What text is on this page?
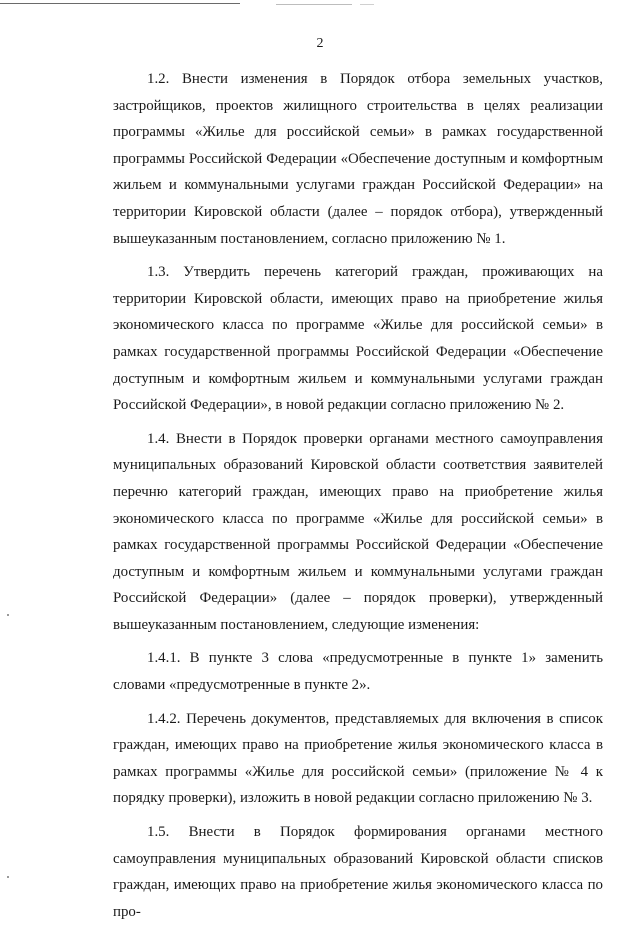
2

1.2. Внести изменения в Порядок отбора земельных участков, застройщиков, проектов жилищного строительства в целях реализации программы «Жилье для российской семьи» в рамках государственной программы Российской Федерации «Обеспечение доступным и комфортным жильем и коммунальными услугами граждан Российской Федерации» на территории Кировской области (далее – порядок отбора), утвержденный вышеуказанным постановлением, согласно приложению № 1.

1.3. Утвердить перечень категорий граждан, проживающих на территории Кировской области, имеющих право на приобретение жилья экономического класса по программе «Жилье для российской семьи» в рамках государственной программы Российской Федерации «Обеспечение доступным и комфортным жильем и коммунальными услугами граждан Российской Федерации», в новой редакции согласно приложению № 2.

1.4. Внести в Порядок проверки органами местного самоуправления муниципальных образований Кировской области соответствия заявителей перечню категорий граждан, имеющих право на приобретение жилья экономического класса по программе «Жилье для российской семьи» в рамках государственной программы Российской Федерации «Обеспечение доступным и комфортным жильем и коммунальными услугами граждан Российской Федерации» (далее – порядок проверки), утвержденный вышеуказанным постановлением, следующие изменения:

1.4.1. В пункте 3 слова «предусмотренные в пункте 1» заменить словами «предусмотренные в пункте 2».

1.4.2. Перечень документов, представляемых для включения в список граждан, имеющих право на приобретение жилья экономического класса в рамках программы «Жилье для российской семьи» (приложение № 4 к порядку проверки), изложить в новой редакции согласно приложению № 3.

1.5. Внести в Порядок формирования органами местного самоуправления муниципальных образований Кировской области списков граждан, имеющих право на приобретение жилья экономического класса по про-
